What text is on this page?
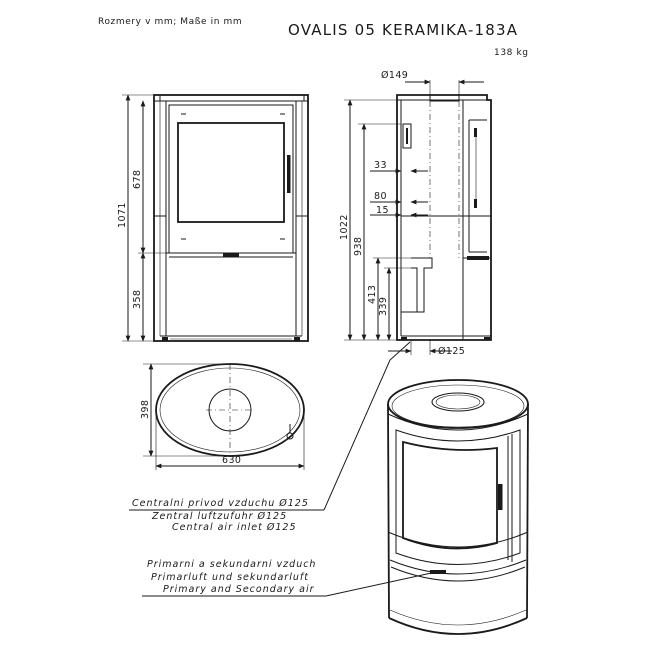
Rozmery v mm; Maße in mm	OVALIS 05 KERAMIKA-183A
138 kg
1071
678
358
Ø149
Ø125
1022
938
413
339
33
80
15
398
630
Centralni privod vzduchu Ø125
Zentral luftzufuhr Ø125
Central air inlet Ø125
Primarni a sekundarni vzduch
Primarluft und sekundarluft
Primary and Secondary air
